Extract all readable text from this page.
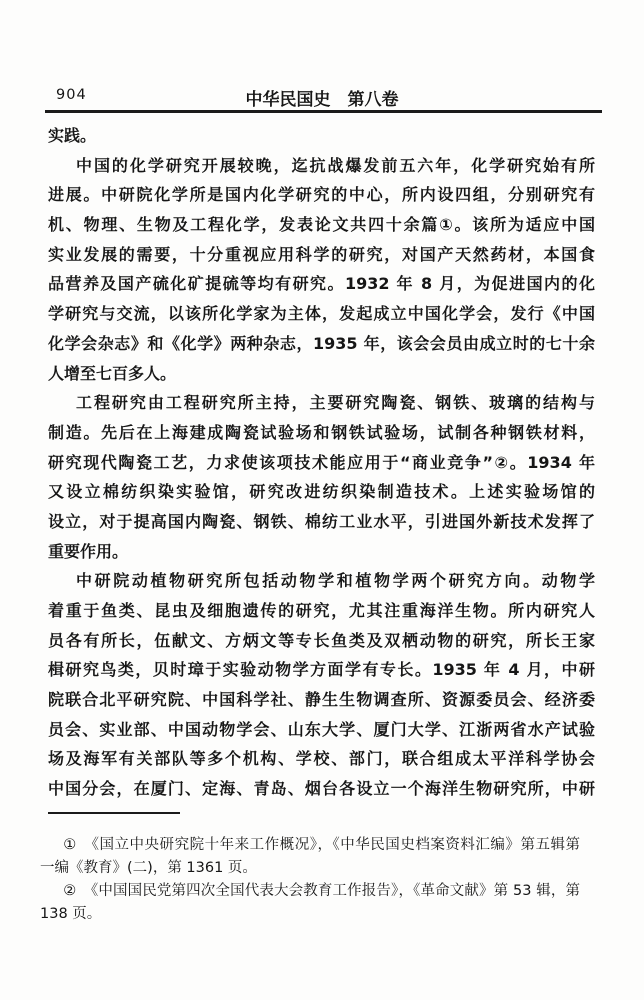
904	中华民国史　第八卷
实践。
中国的化学研究开展较晚，迄抗战爆发前五六年，化学研究始有所
进展。中研院化学所是国内化学研究的中心，所内设四组，分别研究有
机、物理、生物及工程化学，发表论文共四十余篇①。该所为适应中国
实业发展的需要，十分重视应用科学的研究，对国产天然药材，本国食
品营养及国产硫化矿提硫等均有研究。1932 年 8 月，为促进国内的化
学研究与交流，以该所化学家为主体，发起成立中国化学会，发行《中国
化学会杂志》和《化学》两种杂志，1935 年，该会会员由成立时的七十余
人增至七百多人。
工程研究由工程研究所主持，主要研究陶瓷、钢铁、玻璃的结构与
制造。先后在上海建成陶瓷试验场和钢铁试验场，试制各种钢铁材料，
研究现代陶瓷工艺，力求使该项技术能应用于“商业竞争”②。1934 年
又设立棉纺织染实验馆，研究改进纺织染制造技术。上述实验场馆的
设立，对于提高国内陶瓷、钢铁、棉纺工业水平，引进国外新技术发挥了
重要作用。
中研院动植物研究所包括动物学和植物学两个研究方向。动物学
着重于鱼类、昆虫及细胞遗传的研究，尤其注重海洋生物。所内研究人
员各有所长，伍献文、方炳文等专长鱼类及双栖动物的研究，所长王家
楫研究鸟类，贝时璋于实验动物学方面学有专长。1935 年 4 月，中研
院联合北平研究院、中国科学社、静生生物调查所、资源委员会、经济委
员会、实业部、中国动物学会、山东大学、厦门大学、江浙两省水产试验
场及海军有关部队等多个机构、学校、部门，联合组成太平洋科学协会
中国分会，在厦门、定海、青岛、烟台各设立一个海洋生物研究所，中研
①　《国立中央研究院十年来工作概况》，《中华民国史档案资料汇编》第五辑第
一编《教育》(二)，第 1361 页。
②　《中国国民党第四次全国代表大会教育工作报告》，《革命文献》第 53 辑，第
138 页。
